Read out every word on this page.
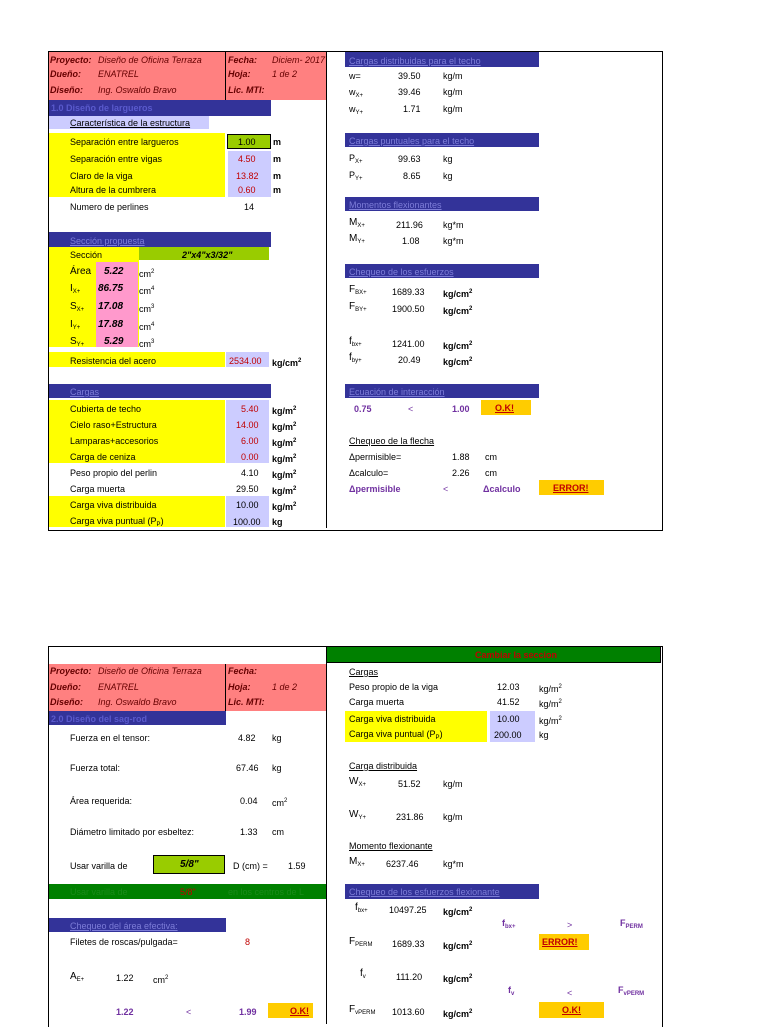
Proyecto: Diseño de Oficina Terraza
Dueño: ENATREL
Diseño: Ing. Oswaldo Bravo
Fecha: Diciem- 2017
Hoja: 1 de 2
Lic. MTI:
1.0 Diseño de largueros
Característica de la estructura
Separación entre largueros	1.00 m
Separación entre vigas	4.50 m
Claro de la viga	13.82 m
Altura de la cumbrera	0.60 m
Numero de perlines	14
Sección propuesta
Sección	2"x4"x3/32"
Área 5.22 $cm^2$
$I_{X+}$ 86.75 $cm^4$
$S_{X+}$ 17.08 $cm^3$
$I_{Y+}$ 17.88 $cm^4$
$S_{Y+}$ 5.29 $cm^3$
Resistencia del acero	2534.00 $kg/cm^2$
Cargas
Cubierta de techo	5.40 $kg/m^2$
Cielo raso+Estructura	14.00 $kg/m^2$
Lamparas+accesorios	6.00 $kg/m^2$
Carga de ceniza	0.00 $kg/m^2$
Peso propio del perlin	4.10 $kg/m^2$
Carga muerta	29.50 $kg/m^2$
Carga viva distribuida	10.00 $kg/m^2$
Carga viva puntual $(P_P)$	100.00 kg
Cargas distribuidas para el techo
w=	39.50 kg/m
$w_{X+}$	39.46 kg/m
$w_{Y+}$	1.71 kg/m
Cargas puntuales para el techo
$P_{X+}$	99.63 kg
$P_{Y+}$	8.65 kg
Momentos flexionantes
$M_{X+}$	211.96 kg*m
$M_{Y+}$	1.08	kg*m
Chequeo de los esfuerzos
$F_{BX+}$	1689.33 $kg/cm^2$
$F_{BY+}$	1900.50 $kg/cm^2$
$f_{bx+}$	1241.00 $kg/cm^2$
$f_{by+}$	20.49 $kg/cm^2$
Ecuación de interacción
0.75	<	1.00	O.K!
Chequeo de la flecha
Δpermisible=	1.88 cm
Δcalculo=	2.26 cm
Δpermisible	<	Δcalculo	ERROR!
Proyecto: Diseño de Oficina Terraza
Dueño: ENATREL
Diseño: Ing. Oswaldo Bravo
Fecha:
Hoja: 1 de 2
Lic. MTI:
Cambiar la seccion
2.0 Diseño del sag-rod
Fuerza en el tensor:	4.82 kg
Fuerza total:	67.46 kg
Área requerida:	0.04 $cm^2$
Diámetro limitado por esbeltez:	1.33 cm
Usar varilla de	5/8"	D (cm) = 1.59
Usar varilla de	5/8"	en los centros de L
Chequeo del área efectiva:
Filetes de roscas/pulgada=	8
$A_{E+}$	1.22 $cm^2$
1.22	<	1.99	O.K!
Cargas
Peso propio de la viga	12.03 $kg/m^2$
Carga muerta	41.52 $kg/m^2$
Carga viva distribuida	10.00 $kg/m^2$
Carga viva puntual $(P_P)$	200.00 kg
Carga distribuida
$W_{X+}$	51.52 kg/m
$W_{Y+}$	231.86 kg/m
Momento flexionante
$M_{X+}$ 6237.46	kg*m
Chequeo de los esfuerzos flexionante
$f_{bx+}$ 10497.25 $kg/cm^2$
$f_{bx+}$	>	$F_{PERM}$
ERROR!
$F_{PERM}$ 1689.33 $kg/cm^2$
$f_v$	111.20 $kg/cm^2$
$f_v$	<	$F_{vPERM}$
O.K!
$F_{vPERM}$ 1013.60 $kg/cm^2$
